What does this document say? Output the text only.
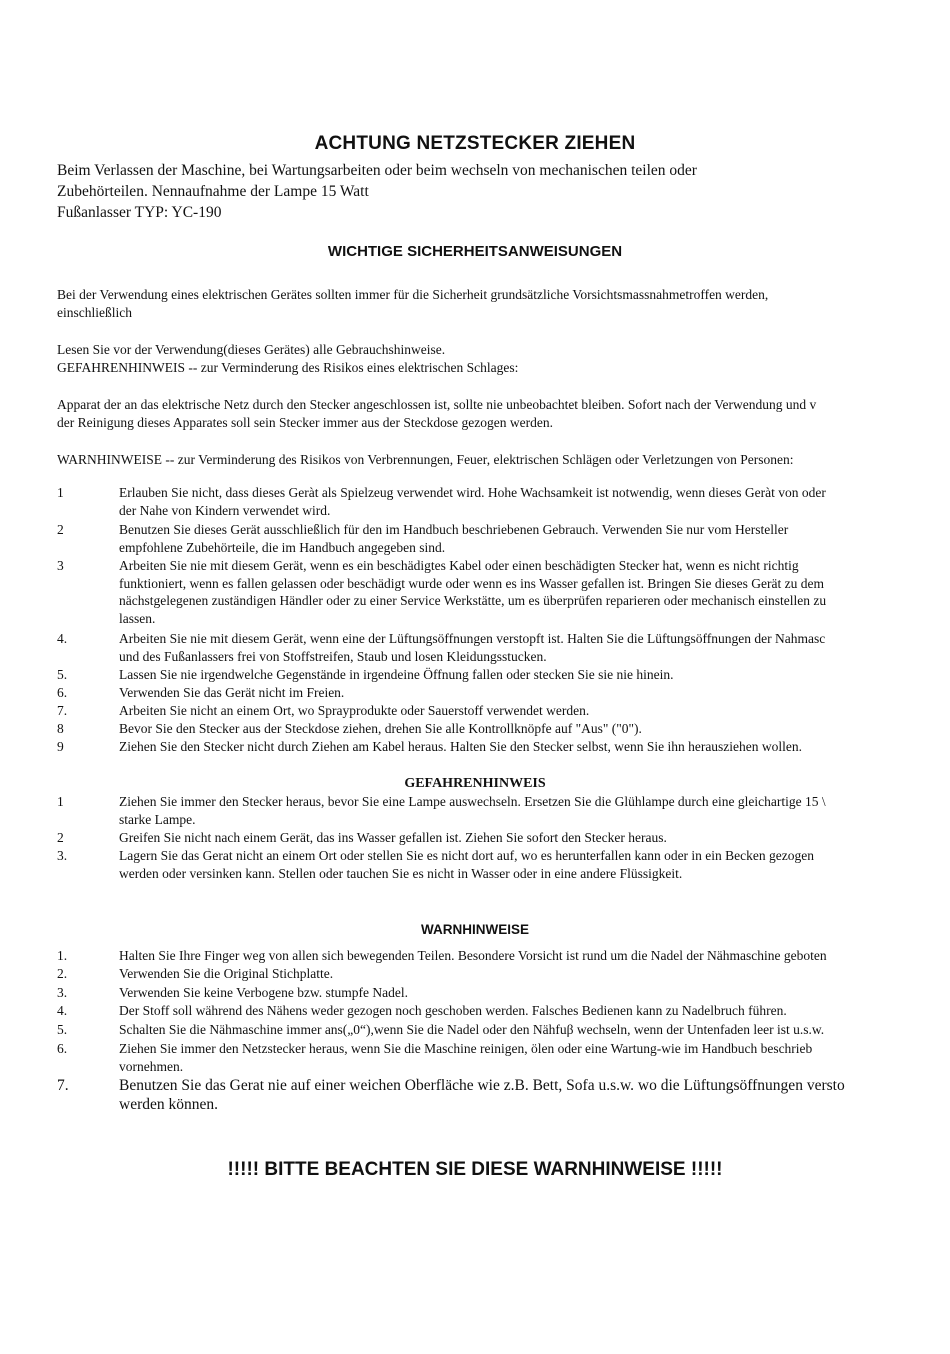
ACHTUNG NETZSTECKER ZIEHEN
Beim Verlassen der Maschine, bei Wartungsarbeiten oder beim wechseln von mechanischen teilen oder
Zubehörteilen. Nennaufnahme der Lampe 15 Watt
Fußanlasser TYP: YC-190
WICHTIGE SICHERHEITSANWEISUNGEN
Bei der Verwendung eines elektrischen Gerätes sollten immer für die Sicherheit grundsätzliche Vorsichtsmassnahmetroffen werden,
einschließlich
Lesen Sie vor der Verwendung(dieses Gerätes) alle Gebrauchshinweise.
GEFAHRENHINWEIS -- zur Verminderung des Risikos eines elektrischen Schlages:
Apparat der an das elektrische Netz durch den Stecker angeschlossen ist, sollte nie unbeobachtet bleiben. Sofort nach der Verwendung und v
der Reinigung dieses Apparates soll sein Stecker immer aus der Steckdose gezogen werden.
WARNHINWEISE -- zur Verminderung des Risikos von Verbrennungen, Feuer, elektrischen Schlägen oder Verletzungen von Personen:
1	Erlauben Sie nicht, dass dieses Geràt als Spielzeug verwendet wird. Hohe Wachsamkeit ist notwendig, wenn dieses Geràt von oder
der Nahe von Kindern verwendet wird.
2	Benutzen Sie dieses Gerät ausschließlich für den im Handbuch beschriebenen Gebrauch. Verwenden Sie nur vom Hersteller
empfohlene Zubehörteile, die im Handbuch angegeben sind.
3	Arbeiten Sie nie mit diesem Gerät, wenn es ein beschädigtes Kabel oder einen beschädigten Stecker hat, wenn es nicht richtig
funktioniert, wenn es fallen gelassen oder beschädigt wurde oder wenn es ins Wasser gefallen ist. Bringen Sie dieses Gerät zu dem
nächstgelegenen zuständigen Händler oder zu einer Service Werkstätte, um es überprüfen reparieren oder mechanisch einstellen zu
lassen.
4.	Arbeiten Sie nie mit diesem Gerät, wenn eine der Lüftungsöffnungen verstopft ist. Halten Sie die Lüftungsöffnungen der Nahmasc
und des Fußanlassers frei von Stoffstreifen, Staub und losen Kleidungsstucken.
5.	Lassen Sie nie irgendwelche Gegenstände in irgendeine Öffnung fallen oder stecken Sie sie nie hinein.
6.	Verwenden Sie das Gerät nicht im Freien.
7.	Arbeiten Sie nicht an einem Ort, wo Sprayprodukte oder Sauerstoff verwendet werden.
8	Bevor Sie den Stecker aus der Steckdose ziehen, drehen Sie alle Kontrollknöpfe auf "Aus" ("0").
9	Ziehen Sie den Stecker nicht durch Ziehen am Kabel heraus. Halten Sie den Stecker selbst, wenn Sie ihn herausziehen wollen.
GEFAHRENHINWEIS
1	Ziehen Sie immer den Stecker heraus, bevor Sie eine Lampe auswechseln. Ersetzen Sie die Glühlampe durch eine gleichartige 15 \
starke Lampe.
2	Greifen Sie nicht nach einem Gerät, das ins Wasser gefallen ist. Ziehen Sie sofort den Stecker heraus.
3.	Lagern Sie das Gerat nicht an einem Ort oder stellen Sie es nicht dort auf, wo es herunterfallen kann oder in ein Becken gezogen
werden oder versinken kann. Stellen oder tauchen Sie es nicht in Wasser oder in eine andere Flüssigkeit.
WARNHINWEISE
1.	Halten Sie Ihre Finger weg von allen sich bewegenden Teilen. Besondere Vorsicht ist rund um die Nadel der Nähmaschine geboten
2.	Verwenden Sie die Original Stichplatte.
3.	Verwenden Sie keine Verbogene bzw. stumpfe Nadel.
4.	Der Stoff soll während des Nähens weder gezogen noch geschoben werden. Falsches Bedienen kann zu Nadelbruch führen.
5.	Schalten Sie die Nähmaschine immer ans(„0“),wenn Sie die Nadel oder den Nähfuβ wechseln, wenn der Untenfaden leer ist u.s.w.
6.	Ziehen Sie immer den Netzstecker heraus, wenn Sie die Maschine reinigen, ölen oder eine Wartung-wie im Handbuch beschrieb
vornehmen.
7.	Benutzen Sie das Gerat nie auf einer weichen Oberfläche wie z.B. Bett, Sofa u.s.w. wo die Lüftungsöffnungen versto
werden können.
!!!!! BITTE BEACHTEN SIE DIESE WARNHINWEISE !!!!!
